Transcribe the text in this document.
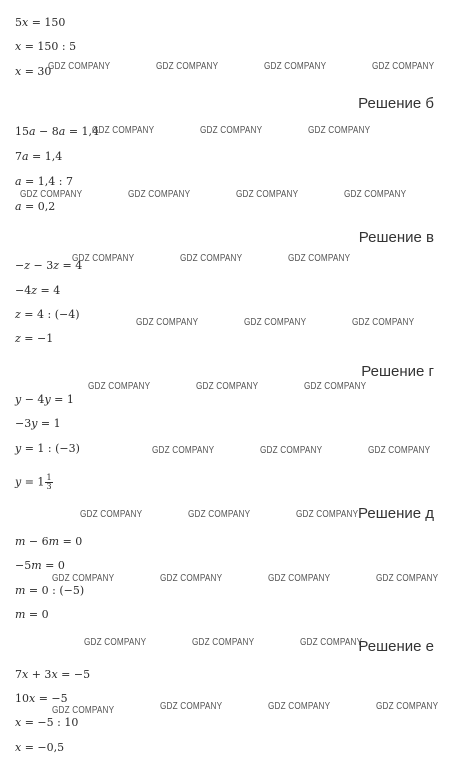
5x = 150
x = 150 : 5
x = 30
Решение б
15a − 8a = 1,4
7a = 1,4
a = 1,4 : 7
a = 0,2
Решение в
−z − 3z = 4
−4z = 4
z = 4 : (−4)
z = −1
Решение г
y − 4y = 1
−3y = 1
y = 1 : (−3)
$y = 1 \frac{1}{3}$
Решение д
m − 6m = 0
−5m = 0
m = 0 : (−5)
m = 0
Решение е
7x + 3x = −5
10x = −5
x = −5 : 10
x = −0,5
GDZ COMPANY	GDZ COMPANY	GDZ COMPANY	GDZ COMPANY
GDZ COMPANY	GDZ COMPANY	GDZ COMPANY
GDZ COMPANY	GDZ COMPANY	GDZ COMPANY	GDZ COMPANY
GDZ COMPANY	GDZ COMPANY	GDZ COMPANY
GDZ COMPANY	GDZ COMPANY	GDZ COMPANY
GDZ COMPANY	GDZ COMPANY	GDZ COMPANY
GDZ COMPANY	GDZ COMPANY	GDZ COMPANY
GDZ COMPANY	GDZ COMPANY	GDZ COMPANY
GDZ COMPANY	GDZ COMPANY	GDZ COMPANY	GDZ COMPANY
GDZ COMPANY	GDZ COMPANY	GDZ COMPANY
GDZ COMPANY	GDZ COMPANY	GDZ COMPANY	GDZ COMPANY
